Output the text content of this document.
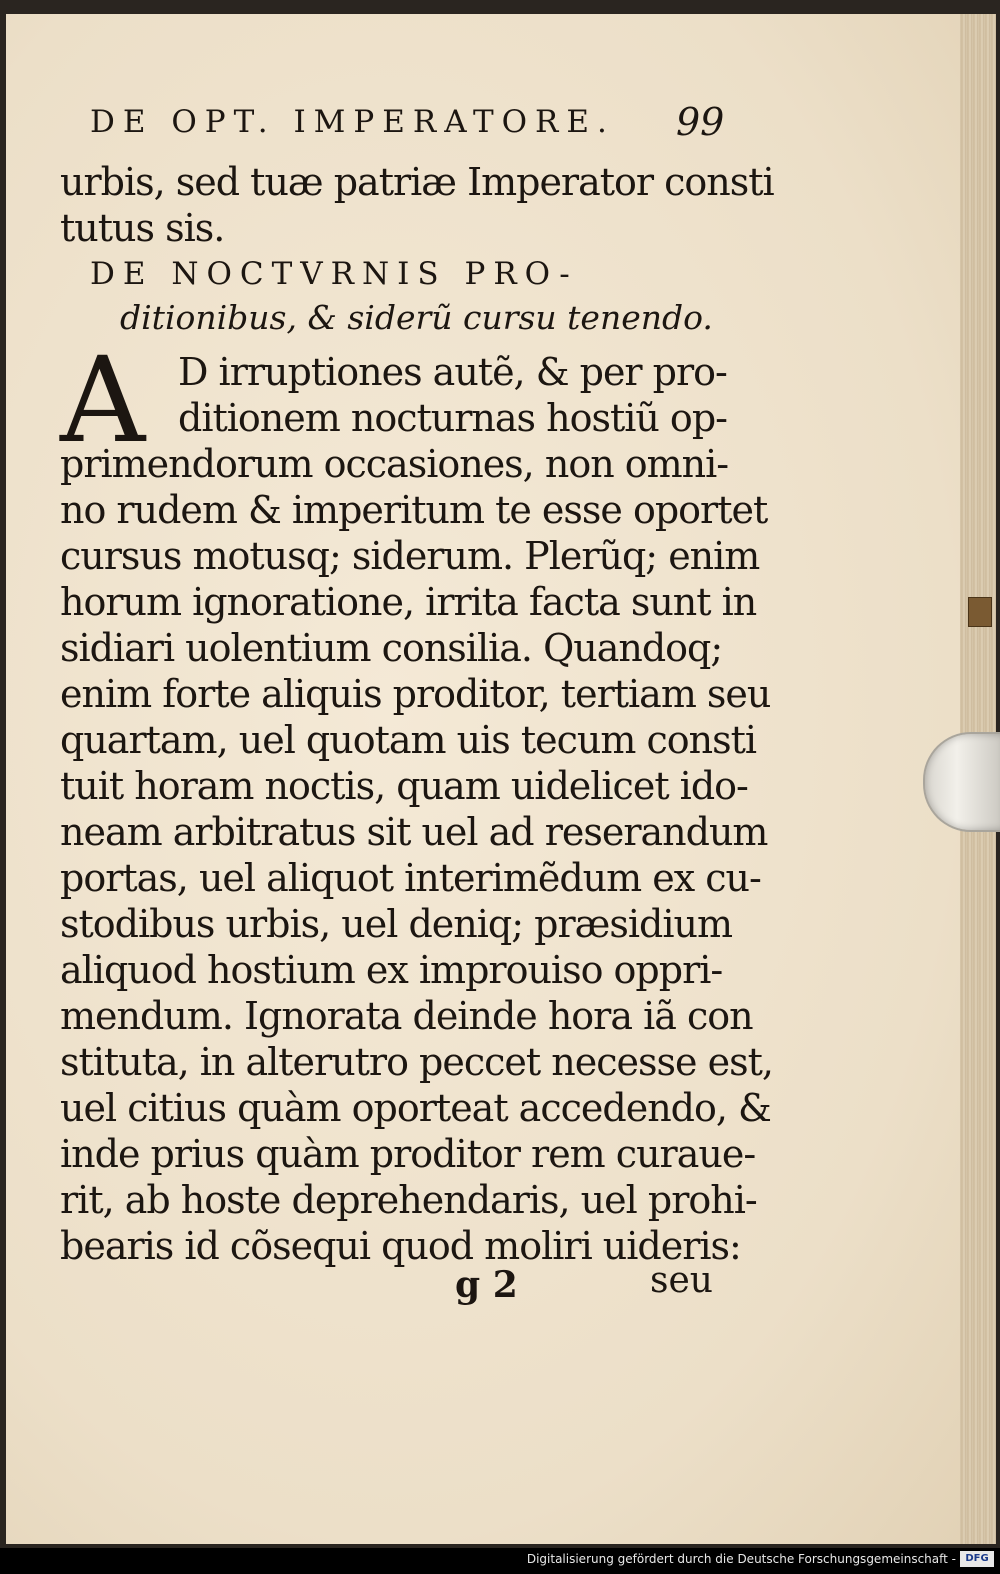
DE OPT. IMPERATORE. 99
urbis, sed tuæ patriæ Imperator consti
tutus sis.
DE NOCTVRNIS PRO-
ditionibus, & siderũ cursu tenendo.
A D irruptiones autẽ, & per pro-
ditionem nocturnas hostiũ op-
primendorum occasiones, non omni-
no rudem & imperitum te esse oportet
cursus motusq; siderum. Plerũq; enim
horum ignoratione, irrita facta sunt in
sidiari uolentium consilia. Quandoq;
enim forte aliquis proditor, tertiam seu
quartam, uel quotam uis tecum consti
tuit horam noctis, quam uidelicet ido-
neam arbitratus sit uel ad reserandum
portas, uel aliquot interimẽdum ex cu-
stodibus urbis, uel deniq; præsidium
aliquod hostium ex improuiso oppri-
mendum. Ignorata deinde hora iã con
stituta, in alterutro peccet necesse est,
uel citius quàm oporteat accedendo, &
inde prius quàm proditor rem curaue-
rit, ab hoste deprehendaris, uel prohi-
bearis id cõsequi quod moliri uideris:
g 2	seu
Digitalisierung gefördert durch die Deutsche Forschungsgemeinschaft - DFG
